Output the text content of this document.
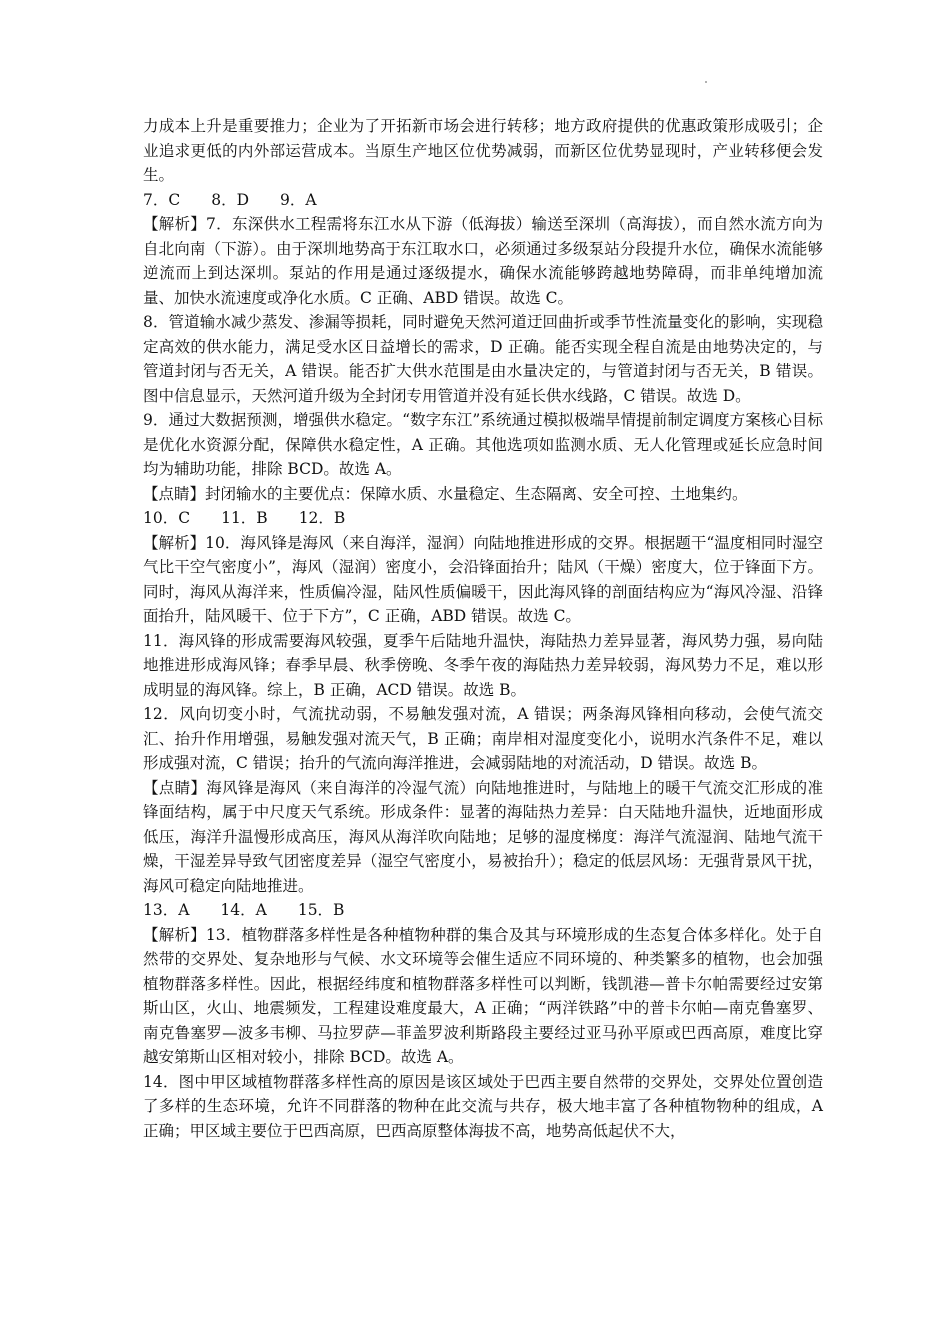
力成本上升是重要推力；企业为了开拓新市场会进行转移；地方政府提供的优惠政策形成吸引；企业追求更低的内外部运营成本。当原生产地区位优势减弱，而新区位优势显现时，产业转移便会发生。

7．C　　8．D　　9．A

【解析】7．东深供水工程需将东江水从下游（低海拔）输送至深圳（高海拔），而自然水流方向为自北向南（下游）。由于深圳地势高于东江取水口，必须通过多级泵站分段提升水位，确保水流能够逆流而上到达深圳。泵站的作用是通过逐级提水，确保水流能够跨越地势障碍，而非单纯增加流量、加快水流速度或净化水质。C 正确、ABD 错误。故选 C。

8．管道输水减少蒸发、渗漏等损耗，同时避免天然河道迂回曲折或季节性流量变化的影响，实现稳定高效的供水能力，满足受水区日益增长的需求，D 正确。能否实现全程自流是由地势决定的，与管道封闭与否无关，A 错误。能否扩大供水范围是由水量决定的，与管道封闭与否无关，B 错误。图中信息显示，天然河道升级为全封闭专用管道并没有延长供水线路，C 错误。故选 D。

9．通过大数据预测，增强供水稳定。“数字东江”系统通过模拟极端旱情提前制定调度方案核心目标是优化水资源分配，保障供水稳定性，A 正确。其他选项如监测水质、无人化管理或延长应急时间均为辅助功能，排除 BCD。故选 A。

【点睛】封闭输水的主要优点：保障水质、水量稳定、生态隔离、安全可控、土地集约。

10．C　　11．B　　12．B

【解析】10．海风锋是海风（来自海洋，湿润）向陆地推进形成的交界。根据题干“温度相同时湿空气比干空气密度小”，海风（湿润）密度小，会沿锋面抬升；陆风（干燥）密度大，位于锋面下方。同时，海风从海洋来，性质偏冷湿，陆风性质偏暖干，因此海风锋的剖面结构应为“海风冷湿、沿锋面抬升，陆风暖干、位于下方”，C 正确，ABD 错误。故选 C。

11．海风锋的形成需要海风较强，夏季午后陆地升温快，海陆热力差异显著，海风势力强，易向陆地推进形成海风锋；春季早晨、秋季傍晚、冬季午夜的海陆热力差异较弱，海风势力不足，难以形成明显的海风锋。综上，B 正确，ACD 错误。故选 B。

12．风向切变小时，气流扰动弱，不易触发强对流，A 错误；两条海风锋相向移动，会使气流交汇、抬升作用增强，易触发强对流天气，B 正确；南岸相对湿度变化小，说明水汽条件不足，难以形成强对流，C 错误；抬升的气流向海洋推进，会减弱陆地的对流活动，D 错误。故选 B。

【点睛】海风锋是海风（来自海洋的冷湿气流）向陆地推进时，与陆地上的暖干气流交汇形成的准锋面结构，属于中尺度天气系统。形成条件：显著的海陆热力差异：白天陆地升温快，近地面形成低压，海洋升温慢形成高压，海风从海洋吹向陆地；足够的湿度梯度：海洋气流湿润、陆地气流干燥，干湿差异导致气团密度差异（湿空气密度小，易被抬升）；稳定的低层风场：无强背景风干扰，海风可稳定向陆地推进。

13．A　　14．A　　15．B

【解析】13．植物群落多样性是各种植物种群的集合及其与环境形成的生态复合体多样化。处于自然带的交界处、复杂地形与气候、水文环境等会催生适应不同环境的、种类繁多的植物，也会加强植物群落多样性。因此，根据经纬度和植物群落多样性可以判断，钱凯港—普卡尔帕需要经过安第斯山区，火山、地震频发，工程建设难度最大，A 正确；“两洋铁路”中的普卡尔帕—南克鲁塞罗、南克鲁塞罗—波多韦柳、马拉罗萨—菲盖罗波利斯路段主要经过亚马孙平原或巴西高原，难度比穿越安第斯山区相对较小，排除 BCD。故选 A。

14．图中甲区域植物群落多样性高的原因是该区域处于巴西主要自然带的交界处，交界处位置创造了多样的生态环境，允许不同群落的物种在此交流与共存，极大地丰富了各种植物物种的组成，A 正确；甲区域主要位于巴西高原，巴西高原整体海拔不高，地势高低起伏不大，
